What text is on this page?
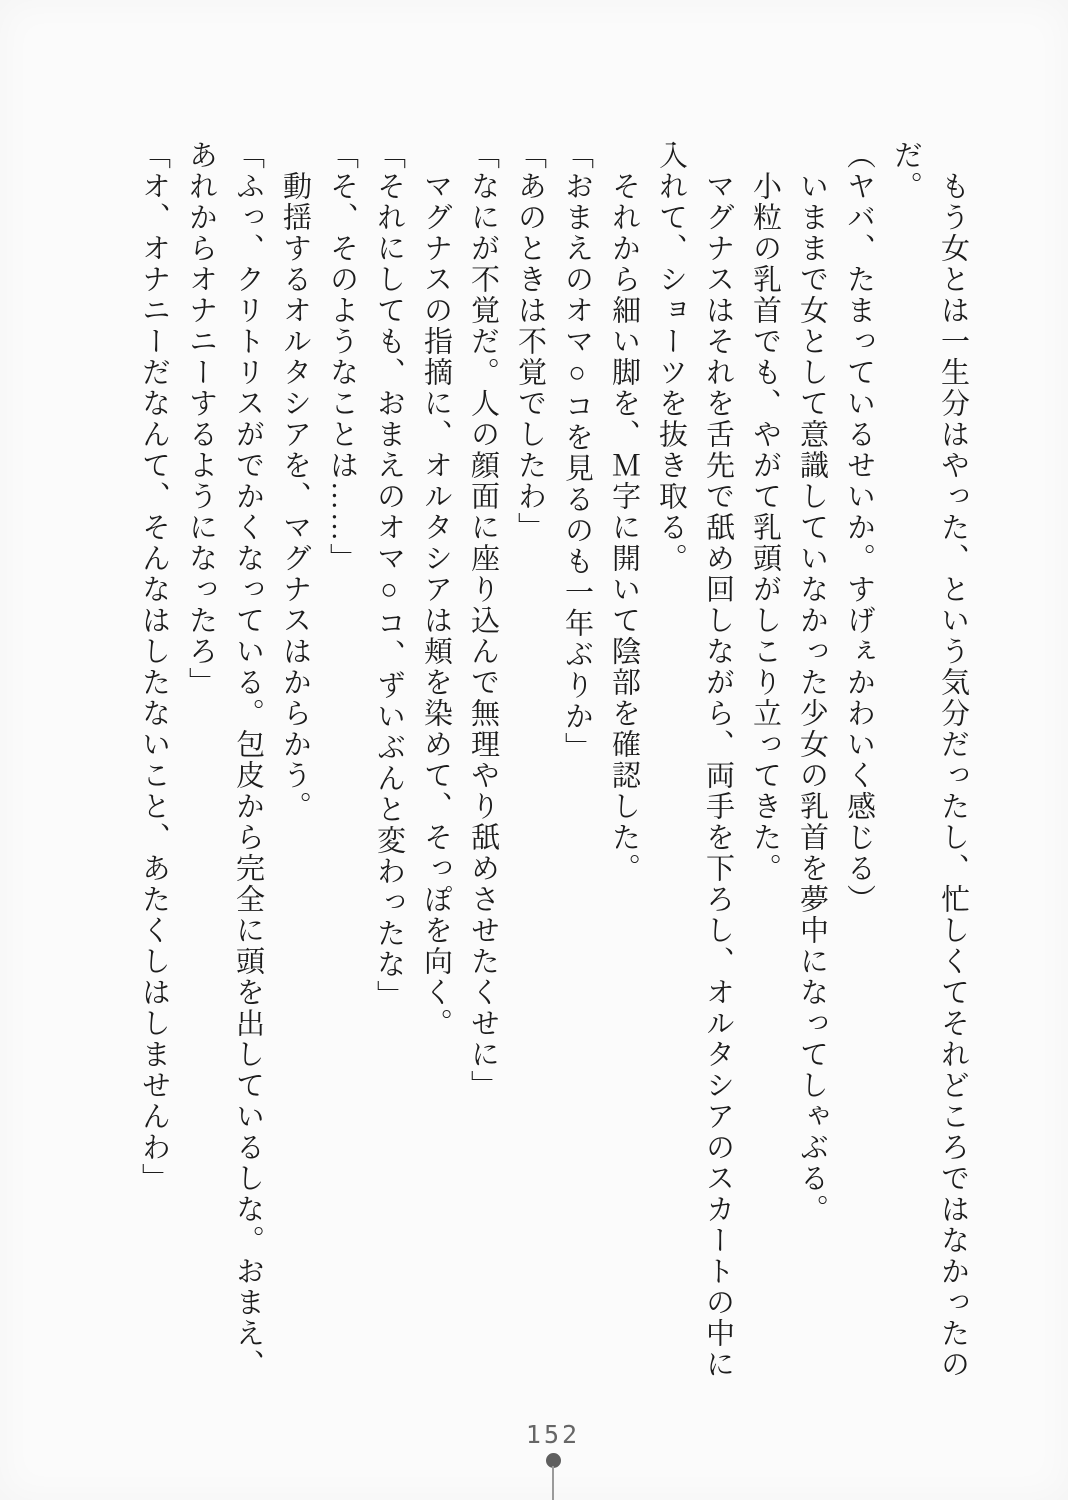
　もう女とは一生分はやった、という気分だったし、忙しくてそれどころではなかったのだ。

（ヤバ、たまっているせいか。すげぇかわいく感じる）

　いままで女として意識していなかった少女の乳首を夢中になってしゃぶる。

　小粒の乳首でも、やがて乳頭がしこり立ってきた。

　マグナスはそれを舌先で舐め回しながら、両手を下ろし、オルタシアのスカートの中に入れて、ショーツを抜き取る。

　それから細い脚を、Ｍ字に開いて陰部を確認した。

「おまえのオマ○コを見るのも一年ぶりか」

「あのときは不覚でしたわ」

「なにが不覚だ。人の顔面に座り込んで無理やり舐めさせたくせに」

　マグナスの指摘に、オルタシアは頬を染めて、そっぽを向く。

「それにしても、おまえのオマ○コ、ずいぶんと変わったな」

「そ、そのようなことは……」

　動揺するオルタシアを、マグナスはからかう。

「ふっ、クリトリスがでかくなっている。包皮から完全に頭を出しているしな。おまえ、あれからオナニーするようになったろ」

「オ、オナニーだなんて、そんなはしたないこと、あたくしはしませんわ」

152
